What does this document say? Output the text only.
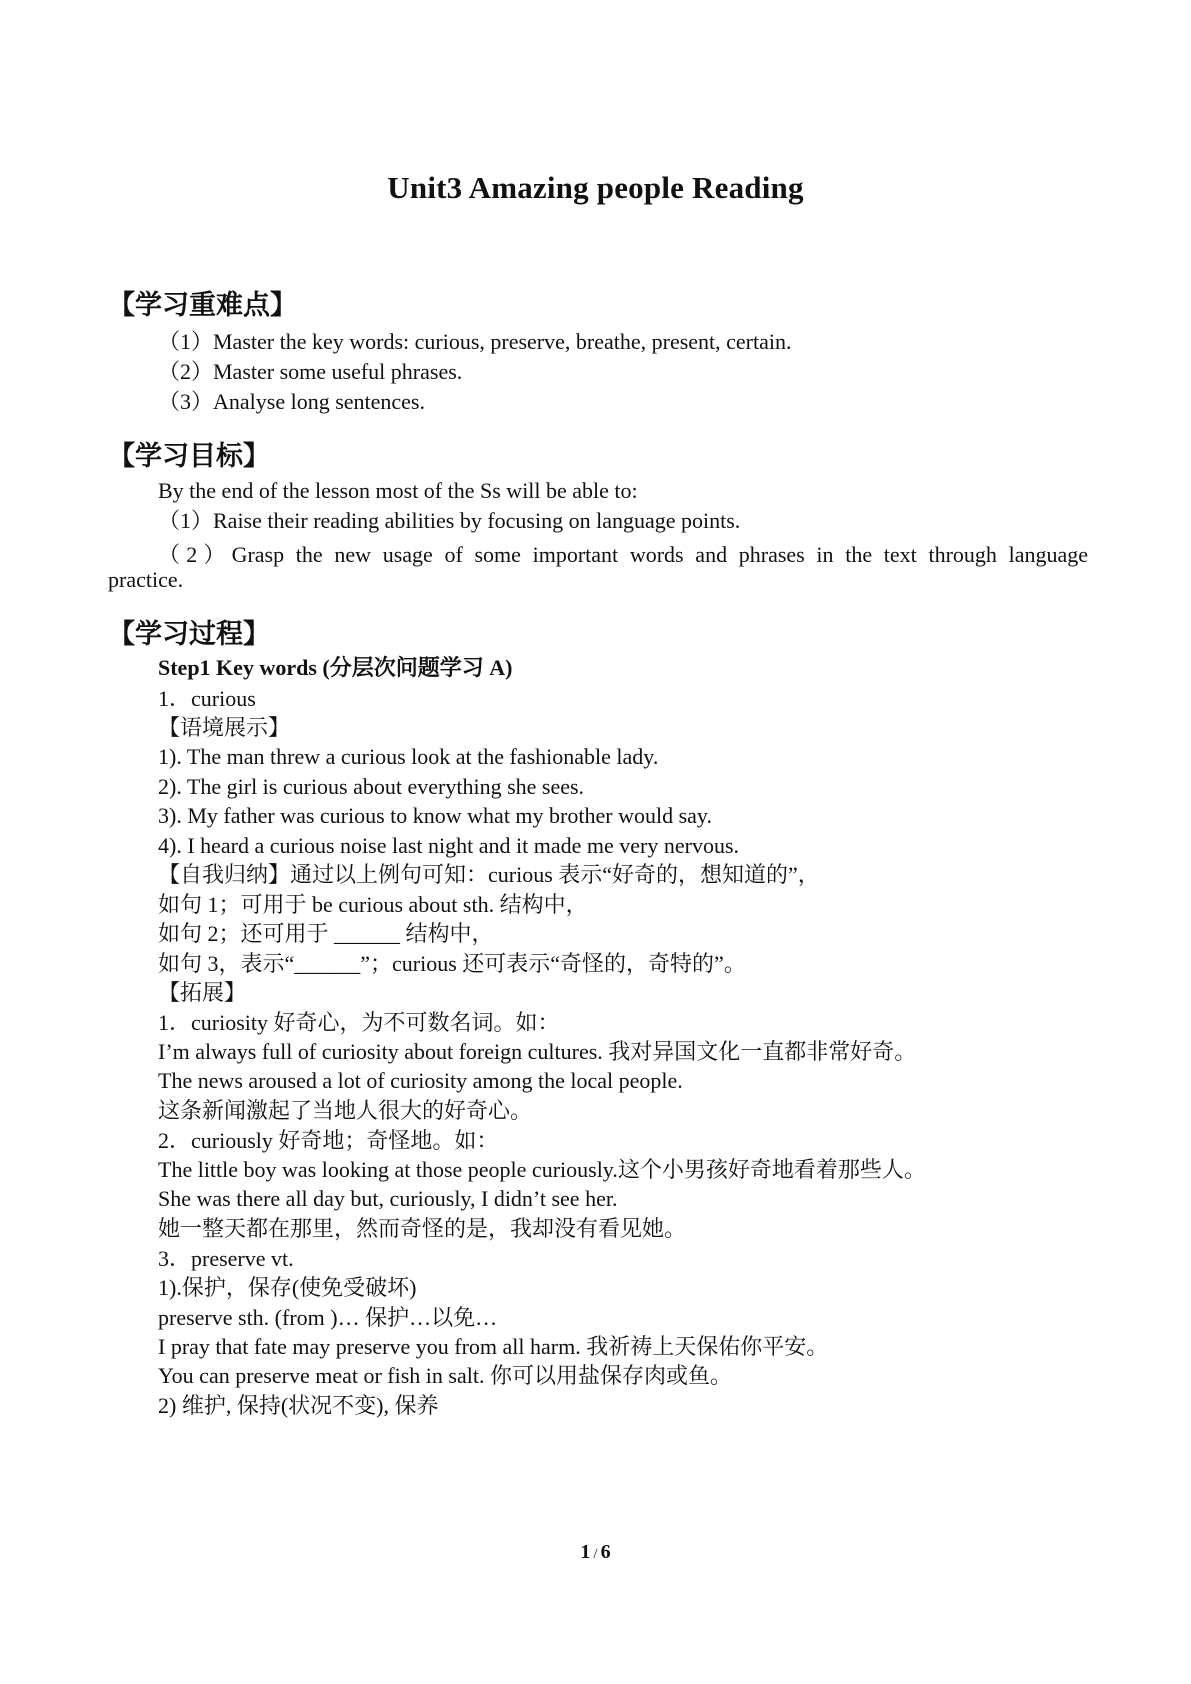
Unit3 Amazing people Reading
【学习重难点】
（1）Master the key words: curious, preserve, breathe, present, certain.
（2）Master some useful phrases.
（3）Analyse long sentences.
【学习目标】
By the end of the lesson most of the Ss will be able to:
（1）Raise their reading abilities by focusing on language points.
（2）Grasp the new usage of some important words and phrases in the text through language
practice.
【学习过程】
Step1 Key words (分层次问题学习 A)
1．curious
【语境展示】
1). The man threw a curious look at the fashionable lady.
2). The girl is curious about everything she sees.
3). My father was curious to know what my brother would say.
4). I heard a curious noise last night and it made me very nervous.
【自我归纳】通过以上例句可知：curious 表示“好奇的，想知道的”，
如句 1；可用于 be curious about sth. 结构中，
如句 2；还可用于 ______ 结构中，
如句 3，表示“______”；curious 还可表示“奇怪的，奇特的”。
【拓展】
1．curiosity 好奇心，为不可数名词。如：
I’m always full of curiosity about foreign cultures. 我对异国文化一直都非常好奇。
The news aroused a lot of curiosity among the local people.
这条新闻激起了当地人很大的好奇心。
2．curiously 好奇地；奇怪地。如：
The little boy was looking at those people curiously.这个小男孩好奇地看着那些人。
She was there all day but, curiously, I didn’t see her.
她一整天都在那里，然而奇怪的是，我却没有看见她。
3．preserve vt.
1).保护，保存(使免受破坏)
preserve sth. (from )… 保护…以免…
I pray that fate may preserve you from all harm. 我祈祷上天保佑你平安。
You can preserve meat or fish in salt. 你可以用盐保存肉或鱼。
2) 维护, 保持(状况不变), 保养
1 / 6
